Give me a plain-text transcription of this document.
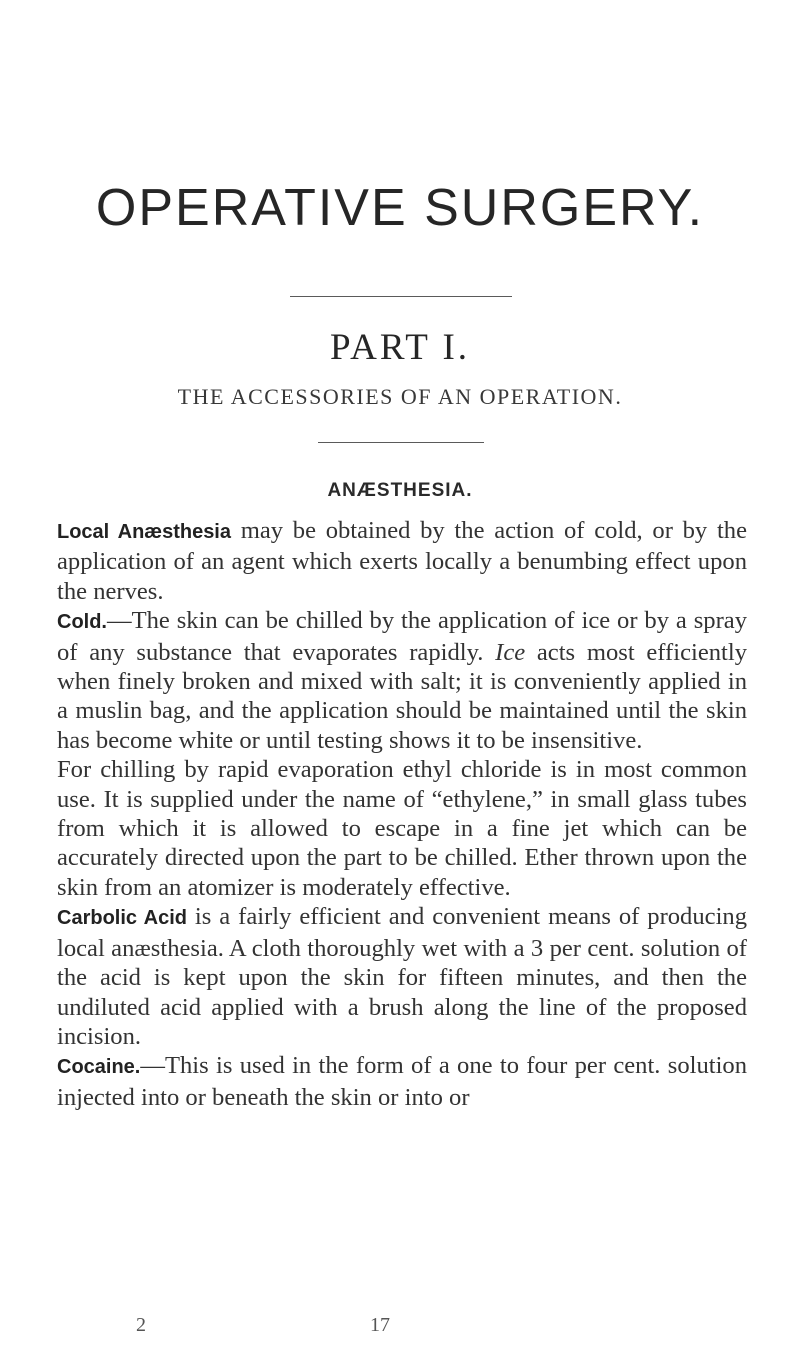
OPERATIVE SURGERY.
PART I.
THE ACCESSORIES OF AN OPERATION.
ANÆSTHESIA.

Local Anæsthesia may be obtained by the action of cold, or by the application of an agent which exerts locally a benumbing effect upon the nerves.

Cold.—The skin can be chilled by the application of ice or by a spray of any substance that evaporates rapidly. Ice acts most efficiently when finely broken and mixed with salt; it is conveniently applied in a muslin bag, and the application should be maintained until the skin has become white or until testing shows it to be insensitive.

For chilling by rapid evaporation ethyl chloride is in most common use. It is supplied under the name of “ethylene,” in small glass tubes from which it is allowed to escape in a fine jet which can be accurately directed upon the part to be chilled. Ether thrown upon the skin from an atomizer is moderately effective.

Carbolic Acid is a fairly efficient and convenient means of producing local anæsthesia. A cloth thoroughly wet with a 3 per cent. solution of the acid is kept upon the skin for fifteen minutes, and then the undiluted acid applied with a brush along the line of the proposed incision.

Cocaine.—This is used in the form of a one to four per cent. solution injected into or beneath the skin or into or

2	17
